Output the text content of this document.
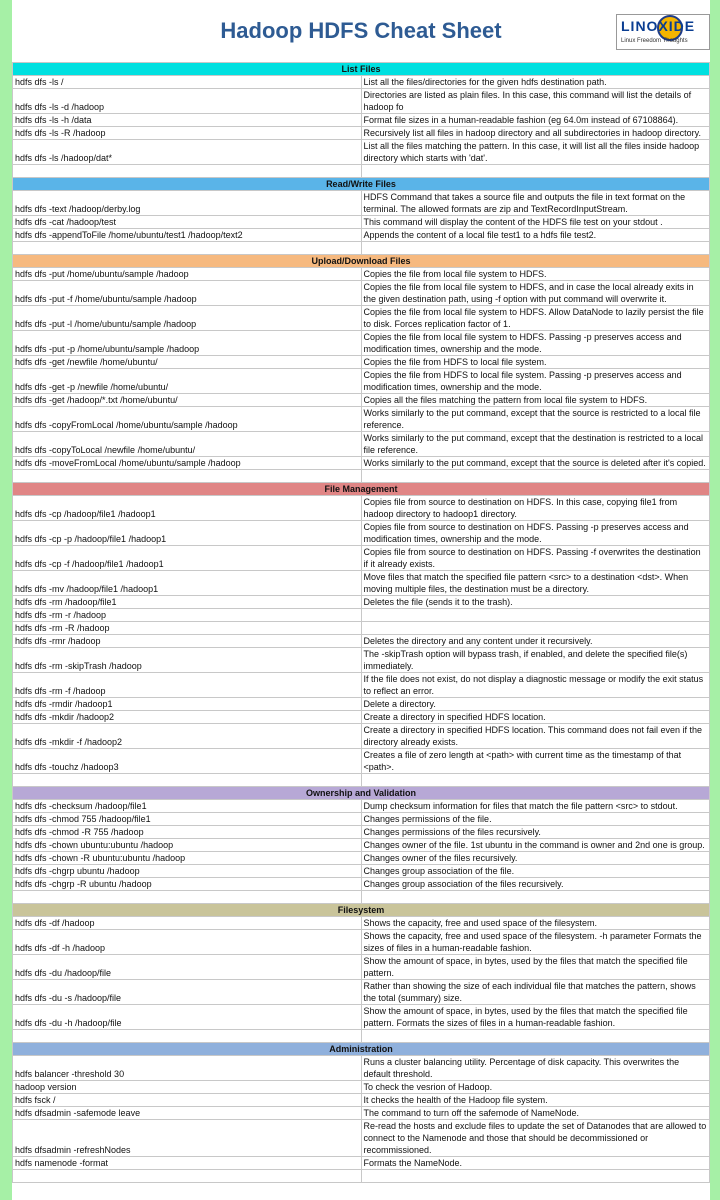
Hadoop HDFS Cheat Sheet	LINOXIDE
Linux Freedom Thoughts
List Files	
hdfs dfs -ls /	List all the files/directories for the given hdfs destination path.
hdfs dfs -ls -d /hadoop	Directories are listed as plain files. In this case, this command will list the details of hadoop fo
hdfs dfs -ls -h /data	Format file sizes in a human-readable fashion (eg 64.0m instead of 67108864).
hdfs dfs -ls -R /hadoop	Recursively list all files in hadoop directory and all subdirectories in hadoop directory.
hdfs dfs -ls /hadoop/dat*	List all the files matching the pattern. In this case, it will list all the files inside hadoop directory which starts with 'dat'.

Read/Write Files	
hdfs dfs -text /hadoop/derby.log	HDFS Command that takes a source file and outputs the file in text format on the terminal. The allowed formats are zip and TextRecordInputStream.
hdfs dfs -cat /hadoop/test	This command will display the content of the HDFS file test on your stdout .
hdfs dfs -appendToFile /home/ubuntu/test1 /hadoop/text2	Appends the content of a local file test1 to a hdfs file test2.

Upload/Download Files	
hdfs dfs -put /home/ubuntu/sample /hadoop	Copies the file from local file system to HDFS.
hdfs dfs -put -f /home/ubuntu/sample /hadoop	Copies the file from local file system to HDFS, and in case the local already exits in the given destination path, using -f option with put command will overwrite it.
hdfs dfs -put -l /home/ubuntu/sample /hadoop	Copies the file from local file system to HDFS. Allow DataNode to lazily persist the file to disk. Forces replication factor of 1.
hdfs dfs -put -p /home/ubuntu/sample /hadoop	Copies the file from local file system to HDFS. Passing -p preserves access and modification times, ownership and the mode.
hdfs dfs -get /newfile /home/ubuntu/	Copies the file from HDFS to local file system.
hdfs dfs -get -p /newfile /home/ubuntu/	Copies the file from HDFS to local file system. Passing -p preserves access and modification times, ownership and the mode.
hdfs dfs -get /hadoop/*.txt /home/ubuntu/	Copies all the files matching the pattern from local file system to HDFS.
hdfs dfs -copyFromLocal /home/ubuntu/sample /hadoop	Works similarly to the put command, except that the source is restricted to a local file reference.
hdfs dfs -copyToLocal /newfile /home/ubuntu/	Works similarly to the put command, except that the destination is restricted to a local file reference.
hdfs dfs -moveFromLocal /home/ubuntu/sample /hadoop	Works similarly to the put command, except that the source is deleted after it's copied.

File Management	
hdfs dfs -cp /hadoop/file1 /hadoop1	Copies file from source to destination on HDFS. In this case, copying file1 from hadoop directory to hadoop1 directory.
hdfs dfs -cp -p /hadoop/file1 /hadoop1	Copies file from source to destination on HDFS. Passing -p preserves access and modification times, ownership and the mode.
hdfs dfs -cp -f /hadoop/file1 /hadoop1	Copies file from source to destination on HDFS. Passing -f overwrites the destination if it already exists.
hdfs dfs -mv /hadoop/file1 /hadoop1	Move files that match the specified file pattern <src> to a destination <dst>. When moving multiple files, the destination must be a directory.
hdfs dfs -rm /hadoop/file1	Deletes the file (sends it to the trash).
hdfs dfs -rm -r /hadoop	
hdfs dfs -rm -R /hadoop	
hdfs dfs -rmr /hadoop	Deletes the directory and any content under it recursively.
hdfs dfs -rm -skipTrash /hadoop	The -skipTrash option will bypass trash, if enabled, and delete the specified file(s) immediately.
hdfs dfs -rm -f /hadoop	If the file does not exist, do not display a diagnostic message or modify the exit status to reflect an error.
hdfs dfs -rmdir /hadoop1	Delete a directory.
hdfs dfs -mkdir /hadoop2	Create a directory in specified HDFS location.
hdfs dfs -mkdir -f /hadoop2	Create a directory in specified HDFS location. This command does not fail even if the directory already exists.
hdfs dfs -touchz /hadoop3	Creates a file of zero length at <path> with current time as the timestamp of that <path>.

Ownership and Validation	
hdfs dfs -checksum /hadoop/file1	Dump checksum information for files that match the file pattern <src> to stdout.
hdfs dfs -chmod 755 /hadoop/file1	Changes permissions of the file.
hdfs dfs -chmod -R 755 /hadoop	Changes permissions of the files recursively.
hdfs dfs -chown ubuntu:ubuntu /hadoop	Changes owner of the file. 1st ubuntu in the command is owner and 2nd one is group.
hdfs dfs -chown -R ubuntu:ubuntu /hadoop	Changes owner of the files recursively.
hdfs dfs -chgrp ubuntu /hadoop	Changes group association of the file.
hdfs dfs -chgrp -R ubuntu /hadoop	Changes group association of the files recursively.

Filesystem	
hdfs dfs -df /hadoop	Shows the capacity, free and used space of the filesystem.
hdfs dfs -df -h /hadoop	Shows the capacity, free and used space of the filesystem. -h parameter Formats the sizes of files in a human-readable fashion.
hdfs dfs -du /hadoop/file	Show the amount of space, in bytes, used by the files that match the specified file pattern.
hdfs dfs -du -s /hadoop/file	Rather than showing the size of each individual file that matches the pattern, shows the total (summary) size.
hdfs dfs -du -h /hadoop/file	Show the amount of space, in bytes, used by the files that match the specified file pattern. Formats the sizes of files in a human-readable fashion.

Administration	
hdfs balancer -threshold 30	Runs a cluster balancing utility. Percentage of disk capacity. This overwrites the default threshold.
hadoop version	To check the vesrion of Hadoop.
hdfs fsck /	It checks the health of the Hadoop file system.
hdfs dfsadmin -safemode leave	The command to turn off the safemode of NameNode.
hdfs dfsadmin -refreshNodes	Re-read the hosts and exclude files to update the set of Datanodes that are allowed to connect to the Namenode and those that should be decommissioned or recommissioned.
hdfs namenode -format	Formats the NameNode.
